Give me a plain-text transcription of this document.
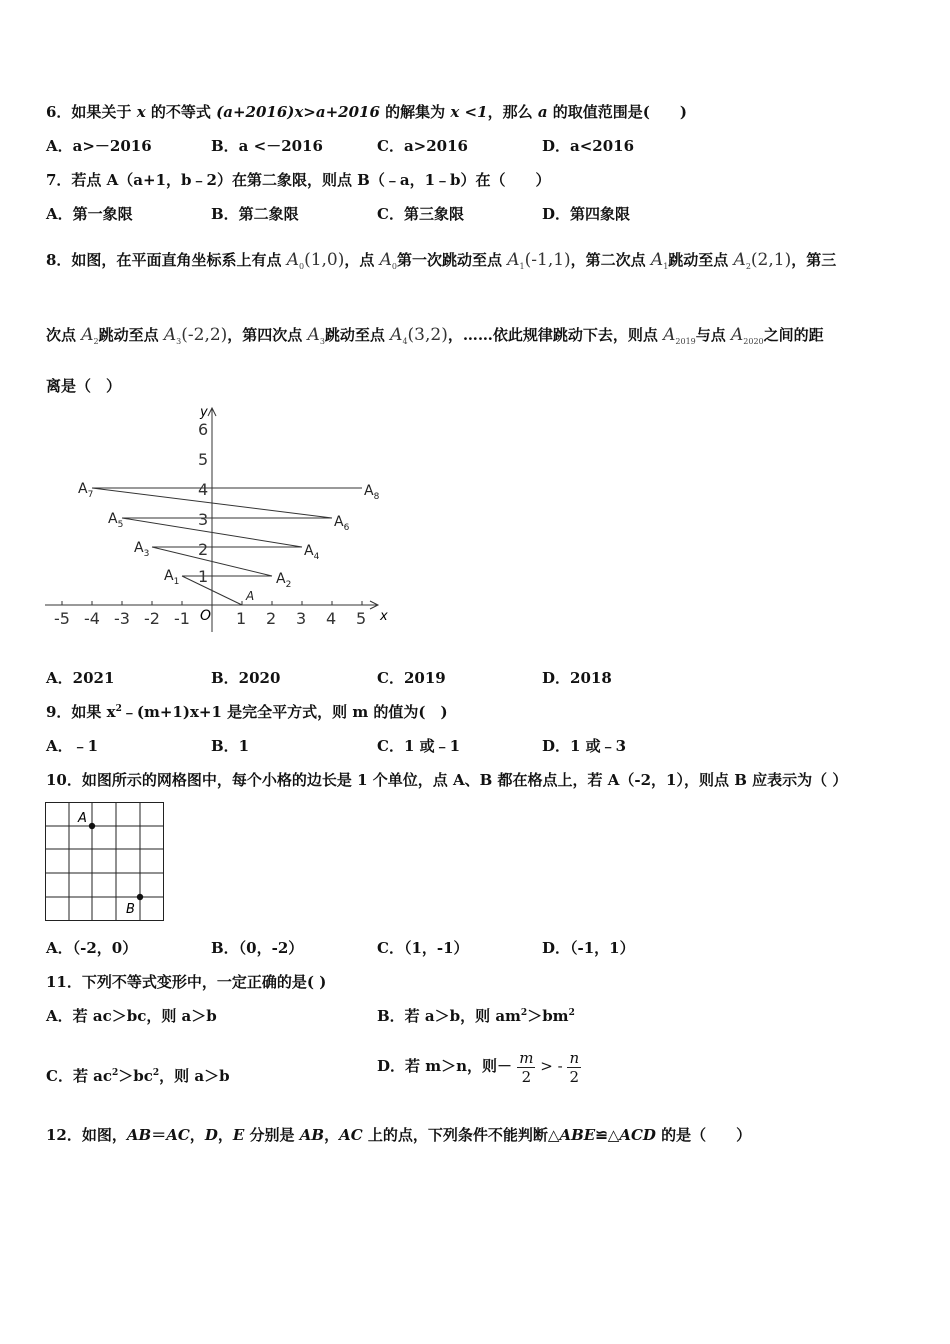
6．如果关于 x 的不等式 (a+2016)x>a+2016 的解集为 x <1，那么 a 的取值范围是(　　)
A．a>－2016	B．a <－2016	C．a>2016	D．a<2016
7．若点 A（a+1，b﹣2）在第二象限，则点 B（﹣a，1﹣b）在（　　）
A．第一象限	B．第二象限	C．第三象限	D．第四象限
8．如图，在平面直角坐标系上有点 $A_0(1,0)$，点 $A_0$第一次跳动至点 $A_1(-1,1)$，第二次点 $A_1$跳动至点 $A_2(2,1)$，第三
次点 $A_2$跳动至点 $A_3(-2,2)$，第四次点 $A_3$跳动至点 $A_4(3,2)$，……依此规律跳动下去，则点 $A_{2019}$与点 $A_{2020}$之间的距
离是（　）
y
x
O
-5 -4 -3 -2 -1	1 2 3 4 5
1
2
3
4
5
6
A
$A_1$	$A_2$
$A_3$	$A_4$
$A_5$	$A_6$
$A_7$	$A_8$
A．2021	B．2020	C．2019	D．2018
9．如果 $x^2﹣(m+1)x+1$ 是完全平方式，则 m 的值为(　)
A．﹣1	B．1	C．1 或﹣1	D．1 或﹣3
10．如图所示的网格图中，每个小格的边长是 1 个单位，点 A、B 都在格点上，若 A（-2，1），则点 B 应表示为（ ）
A
B
A．（-2，0）	B．（0，-2）	C．（1，-1）	D．（-1，1）
11．下列不等式变形中，一定正确的是( )
A．若 ac＞bc，则 a＞b	B．若 a＞b，则 $am^2>bm^2$
C．若 $ac^2>bc^2$，则 a＞b
D．若 m＞n，则－ $\frac{m}{2}$ > - $\frac{n}{2}$
12．如图，AB＝AC，D，E 分别是 AB，AC 上的点，下列条件不能判断△ABE≌△ACD 的是（　　）
